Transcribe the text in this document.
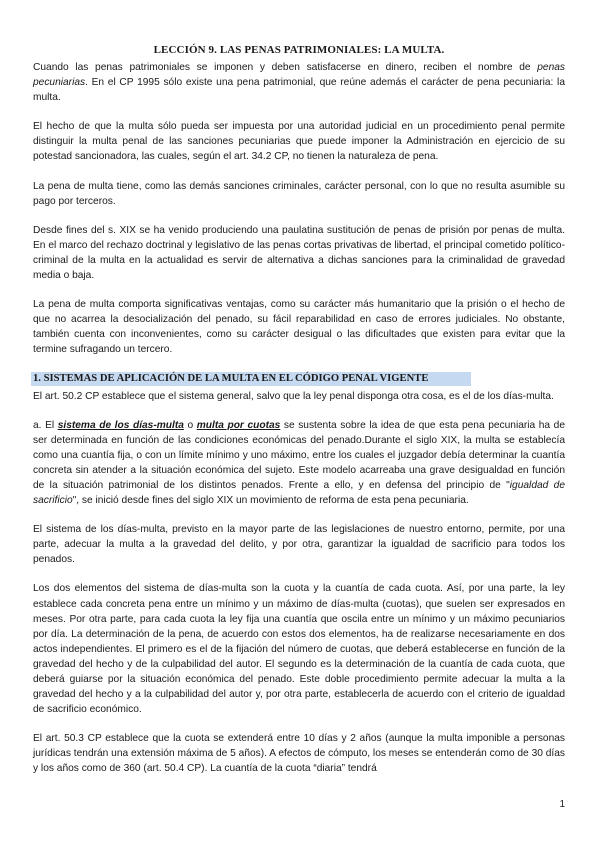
LECCIÓN 9. LAS PENAS PATRIMONIALES: LA MULTA.

Cuando las penas patrimoniales se imponen y deben satisfacerse en dinero, reciben el nombre de penas pecuniarias. En el CP 1995 sólo existe una pena patrimonial, que reúne además el carácter de pena pecuniaria: la multa.

El hecho de que la multa sólo pueda ser impuesta por una autoridad judicial en un procedimiento penal permite distinguir la multa penal de las sanciones pecuniarias que puede imponer la Administración en ejercicio de su potestad sancionadora, las cuales, según el art. 34.2 CP, no tienen la naturaleza de pena.

La pena de multa tiene, como las demás sanciones criminales, carácter personal, con lo que no resulta asumible su pago por terceros.

Desde fines del s. XIX se ha venido produciendo una paulatina sustitución de penas de prisión por penas de multa. En el marco del rechazo doctrinal y legislativo de las penas cortas privativas de libertad, el principal cometido político-criminal de la multa en la actualidad es servir de alternativa a dichas sanciones para la criminalidad de gravedad media o baja.

La pena de multa comporta significativas ventajas, como su carácter más humanitario que la prisión o el hecho de que no acarrea la desocialización del penado, su fácil reparabilidad en caso de errores judiciales. No obstante, también cuenta con inconvenientes, como su carácter desigual o las dificultades que existen para evitar que la termine sufragando un tercero.

1. SISTEMAS DE APLICACIÓN DE LA MULTA EN EL CÓDIGO PENAL VIGENTE

El art. 50.2 CP establece que el sistema general, salvo que la ley penal disponga otra cosa, es el de los días-multa.

a. El sistema de los días-multa o multa por cuotas se sustenta sobre la idea de que esta pena pecuniaria ha de ser determinada en función de las condiciones económicas del penado.Durante el siglo XIX, la multa se establecía como una cuantía fija, o con un límite mínimo y uno máximo, entre los cuales el juzgador debía determinar la cuantía concreta sin atender a la situación económica del sujeto. Este modelo acarreaba una grave desigualdad en función de la situación patrimonial de los distintos penados. Frente a ello, y en defensa del principio de "igualdad de sacrificio", se inició desde fines del siglo XIX un movimiento de reforma de esta pena pecuniaria.

El sistema de los días-multa, previsto en la mayor parte de las legislaciones de nuestro entorno, permite, por una parte, adecuar la multa a la gravedad del delito, y por otra, garantizar la igualdad de sacrificio para todos los penados.

Los dos elementos del sistema de días-multa son la cuota y la cuantía de cada cuota. Así, por una parte, la ley establece cada concreta pena entre un mínimo y un máximo de días-multa (cuotas), que suelen ser expresados en meses. Por otra parte, para cada cuota la ley fija una cuantía que oscila entre un mínimo y un máximo pecuniarios por día. La determinación de la pena, de acuerdo con estos dos elementos, ha de realizarse necesariamente en dos actos independientes. El primero es el de la fijación del número de cuotas, que deberá establecerse en función de la gravedad del hecho y de la culpabilidad del autor. El segundo es la determinación de la cuantía de cada cuota, que deberá guiarse por la situación económica del penado. Este doble procedimiento permite adecuar la multa a la gravedad del hecho y a la culpabilidad del autor y, por otra parte, establecerla de acuerdo con el criterio de igualdad de sacrificio económico.

El art. 50.3 CP establece que la cuota se extenderá entre 10 días y 2 años (aunque la multa imponible a personas jurídicas tendrán una extensión máxima de 5 años). A efectos de cómputo, los meses se entenderán como de 30 días y los años como de 360 (art. 50.4 CP). La cuantía de la cuota “diaria” tendrá

1
